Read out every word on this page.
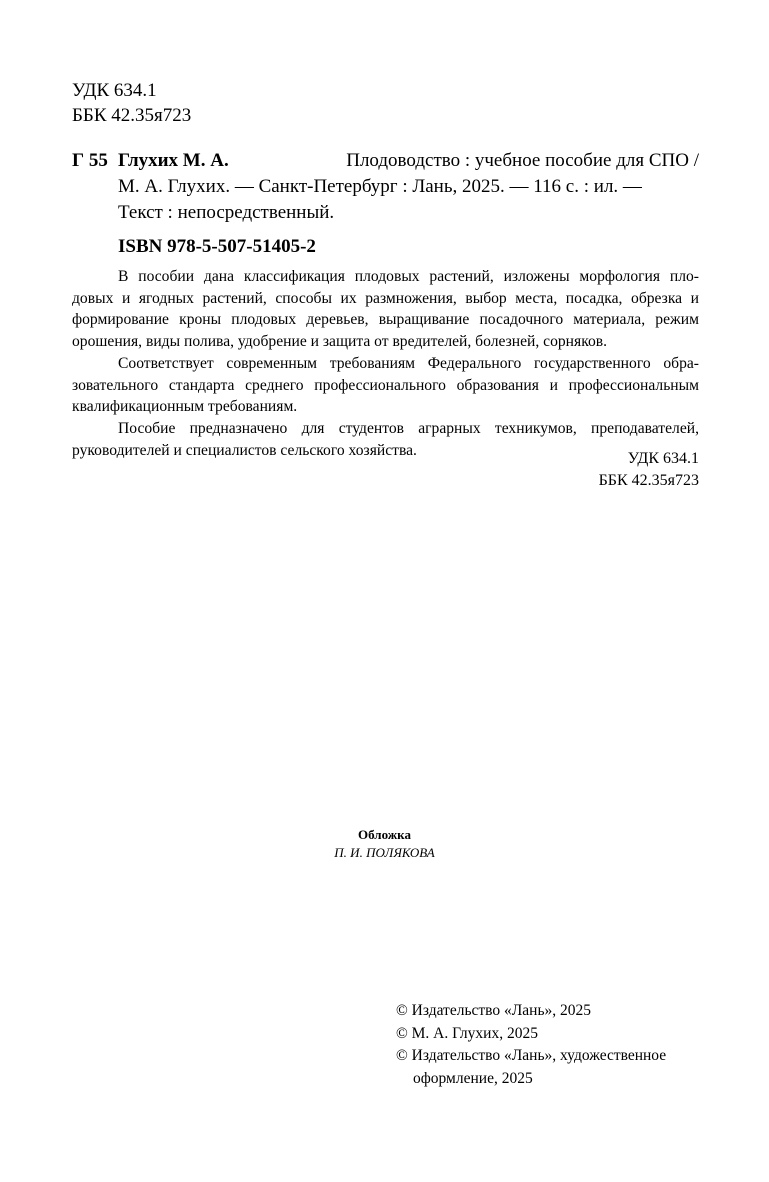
УДК 634.1
ББК 42.35я723
Г 55 Глухих М. А.	Плодоводство : учебное пособие для СПО /
М. А. Глухих. — Санкт-Петербург : Лань, 2025. — 116 с. : ил. —
Текст : непосредственный.
ISBN 978-5-507-51405-2
В пособии дана классификация плодовых растений, изложены морфология пло-
довых и ягодных растений, способы их размножения, выбор места, посадка, обрезка и
формирование кроны плодовых деревьев, выращивание посадочного материала, режим
орошения, виды полива, удобрение и защита от вредителей, болезней, сорняков.
Соответствует современным требованиям Федерального государственного обра-
зовательного стандарта среднего профессионального образования и профессиональным
квалификационным требованиям.
Пособие предназначено для студентов аграрных техникумов, преподавателей,
руководителей и специалистов сельского хозяйства.	УДК 634.1
ББК 42.35я723
Обложка
П. И. ПОЛЯКОВА
© Издательство «Лань», 2025
© М. А. Глухих, 2025
© Издательство «Лань», художественное
оформление, 2025
